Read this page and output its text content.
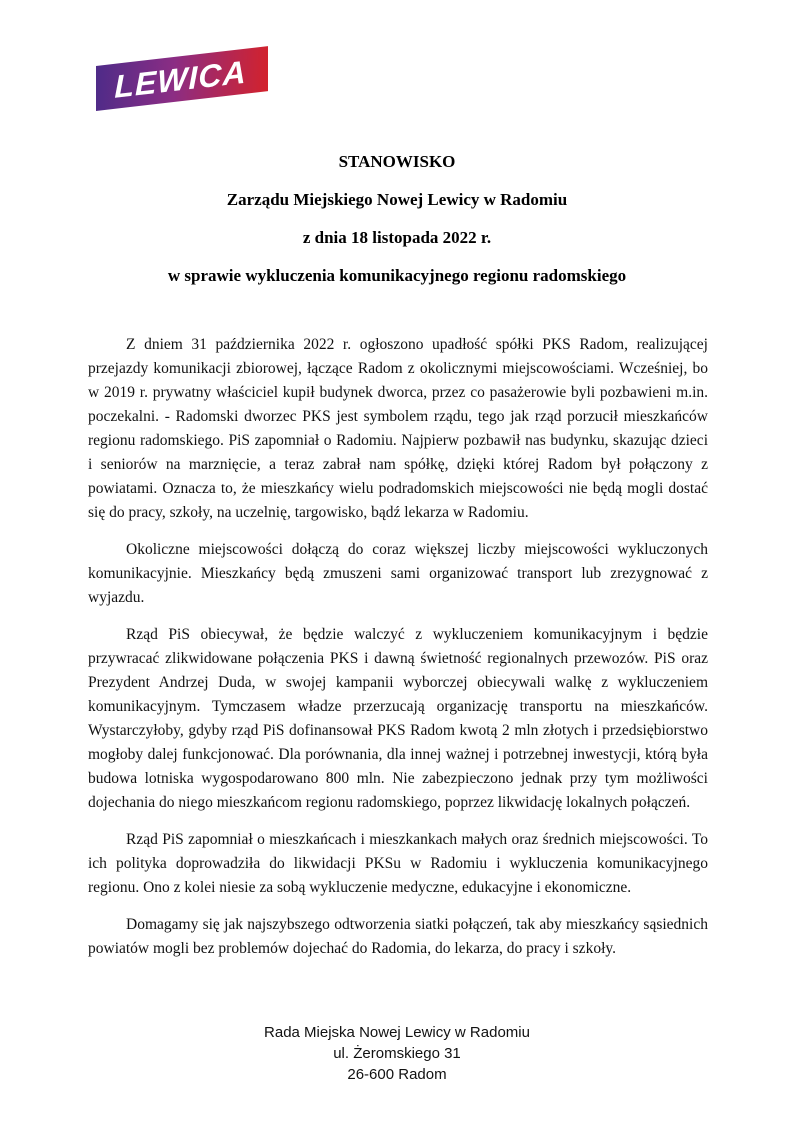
LEWICA

STANOWISKO

Zarządu Miejskiego Nowej Lewicy w Radomiu

z dnia 18 listopada 2022 r.

w sprawie wykluczenia komunikacyjnego regionu radomskiego

Z dniem 31 października 2022 r. ogłoszono upadłość spółki PKS Radom, realizującej przejazdy komunikacji zbiorowej, łączące Radom z okolicznymi miejscowościami. Wcześniej, bo w 2019 r. prywatny właściciel kupił budynek dworca, przez co pasażerowie byli pozbawieni m.in. poczekalni. - Radomski dworzec PKS jest symbolem rządu, tego jak rząd porzucił mieszkańców regionu radomskiego. PiS zapomniał o Radomiu. Najpierw pozbawił nas budynku, skazując dzieci i seniorów na marznięcie, a teraz zabrał nam spółkę, dzięki której Radom był połączony z powiatami. Oznacza to, że mieszkańcy wielu podradomskich miejscowości nie będą mogli dostać się do pracy, szkoły, na uczelnię, targowisko, bądź lekarza w Radomiu.

Okoliczne miejscowości dołączą do coraz większej liczby miejscowości wykluczonych komunikacyjnie. Mieszkańcy będą zmuszeni sami organizować transport lub zrezygnować z wyjazdu.

Rząd PiS obiecywał, że będzie walczyć z wykluczeniem komunikacyjnym i będzie przywracać zlikwidowane połączenia PKS i dawną świetność regionalnych przewozów. PiS oraz Prezydent Andrzej Duda, w swojej kampanii wyborczej obiecywali walkę z wykluczeniem komunikacyjnym. Tymczasem władze przerzucają organizację transportu na mieszkańców. Wystarczyłoby, gdyby rząd PiS dofinansował PKS Radom kwotą 2 mln złotych i przedsiębiorstwo mogłoby dalej funkcjonować. Dla porównania, dla innej ważnej i potrzebnej inwestycji, którą była budowa lotniska wygospodarowano 800 mln. Nie zabezpieczono jednak przy tym możliwości dojechania do niego mieszkańcom regionu radomskiego, poprzez likwidację lokalnych połączeń.

Rząd PiS zapomniał o mieszkańcach i mieszkankach małych oraz średnich miejscowości. To ich polityka doprowadziła do likwidacji PKSu w Radomiu i wykluczenia komunikacyjnego regionu. Ono z kolei niesie za sobą wykluczenie medyczne, edukacyjne i ekonomiczne.

Domagamy się jak najszybszego odtworzenia siatki połączeń, tak aby mieszkańcy sąsiednich powiatów mogli bez problemów dojechać do Radomia, do lekarza, do pracy i szkoły.

Rada Miejska Nowej Lewicy w Radomiu
ul. Żeromskiego 31
26-600 Radom
